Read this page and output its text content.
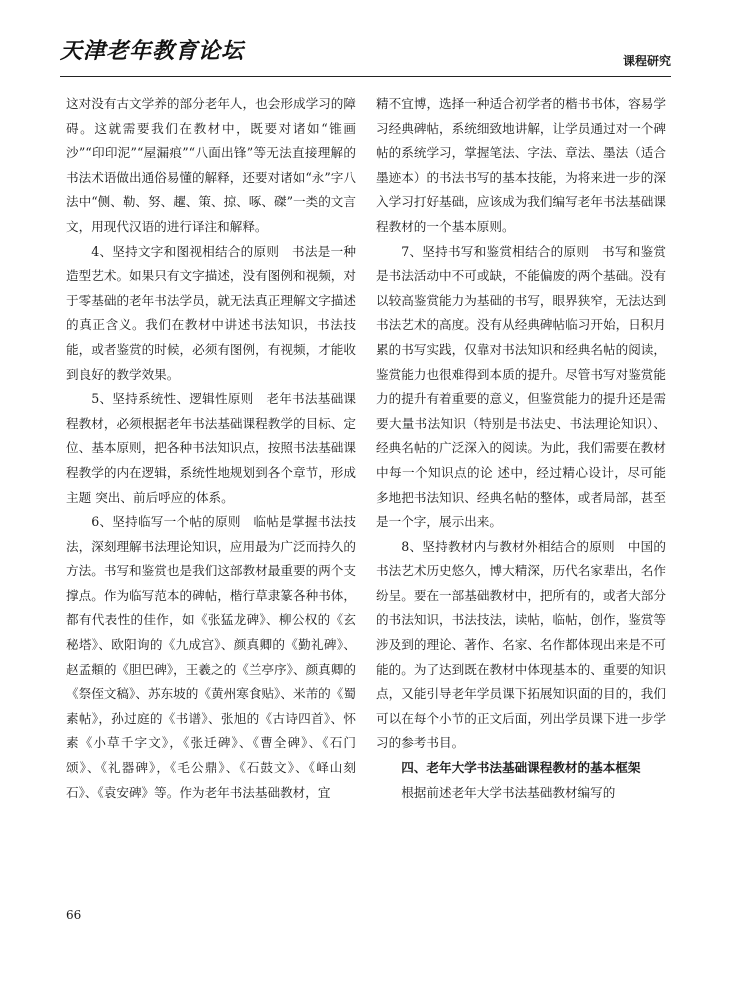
天津老年教育论坛	课程研究

这对没有古文学养的部分老年人，也会形成学习的障碍。这就需要我们在教材中，既要对诸如“锥画沙”“印印泥”“屋漏痕”“八面出锋”等无法直接理解的书法术语做出通俗易懂的解释，还要对诸如“永”字八法中“侧、勒、努、趯、策、掠、啄、磔”一类的文言文，用现代汉语的进行译注和解释。

4、坚持文字和图视相结合的原则　书法是一种造型艺术。如果只有文字描述，没有图例和视频，对于零基础的老年书法学员，就无法真正理解文字描述的真正含义。我们在教材中讲述书法知识，书法技能，或者鉴赏的时候，必须有图例，有视频，才能收到良好的教学效果。

5、坚持系统性、逻辑性原则　老年书法基础课程教材，必须根据老年书法基础课程教学的目标、定位、基本原则，把各种书法知识点，按照书法基础课程教学的内在逻辑，系统性地规划到各个章节，形成主题 突出、前后呼应的体系。

6、坚持临写一个帖的原则　临帖是掌握书法技法，深刻理解书法理论知识，应用最为广泛而持久的方法。书写和鉴赏也是我们这部教材最重要的两个支撑点。作为临写范本的碑帖，楷行草隶篆各种书体，都有代表性的佳作，如《张猛龙碑》、柳公权的《玄秘塔》、欧阳询的《九成宫》、颜真卿的《勤礼碑》、赵孟頫的《胆巴碑》，王羲之的《兰亭序》、颜真卿的《祭侄文稿》、苏东坡的《黄州寒食贴》、米芾的《蜀素帖》，孙过庭的《书谱》、张旭的《古诗四首》、怀素《小草千字文》，《张迁碑》、《曹全碑》、《石门颂》、《礼器碑》，《毛公鼎》、《石鼓文》、《峄山刻石》、《袁安碑》等。作为老年书法基础教材，宜

精不宜博，选择一种适合初学者的楷书书体，容易学习经典碑帖，系统细致地讲解，让学员通过对一个碑帖的系统学习，掌握笔法、字法、章法、墨法（适合墨迹本）的书法书写的基本技能，为将来进一步的深入学习打好基础，应该成为我们编写老年书法基础课程教材的一个基本原则。

7、坚持书写和鉴赏相结合的原则　书写和鉴赏是书法活动中不可或缺，不能偏废的两个基础。没有以较高鉴赏能力为基础的书写，眼界狭窄，无法达到书法艺术的高度。没有从经典碑帖临习开始，日积月累的书写实践，仅靠对书法知识和经典名帖的阅读，鉴赏能力也很难得到本质的提升。尽管书写对鉴赏能力的提升有着重要的意义，但鉴赏能力的提升还是需要大量书法知识（特别是书法史、书法理论知识）、经典名帖的广泛深入的阅读。为此，我们需要在教材中每一个知识点的论 述中，经过精心设计，尽可能多地把书法知识、经典名帖的整体，或者局部，甚至是一个字，展示出来。

8、坚持教材内与教材外相结合的原则　中国的书法艺术历史悠久，博大精深，历代名家辈出，名作纷呈。要在一部基础教材中，把所有的，或者大部分的书法知识，书法技法，读帖，临帖，创作，鉴赏等涉及到的理论、著作、名家、名作都体现出来是不可能的。为了达到既在教材中体现基本的、重要的知识点，又能引导老年学员课下拓展知识面的目的，我们可以在每个小节的正文后面，列出学员课下进一步学习的参考书目。

四、老年大学书法基础课程教材的基本框架

根据前述老年大学书法基础教材编写的

66
